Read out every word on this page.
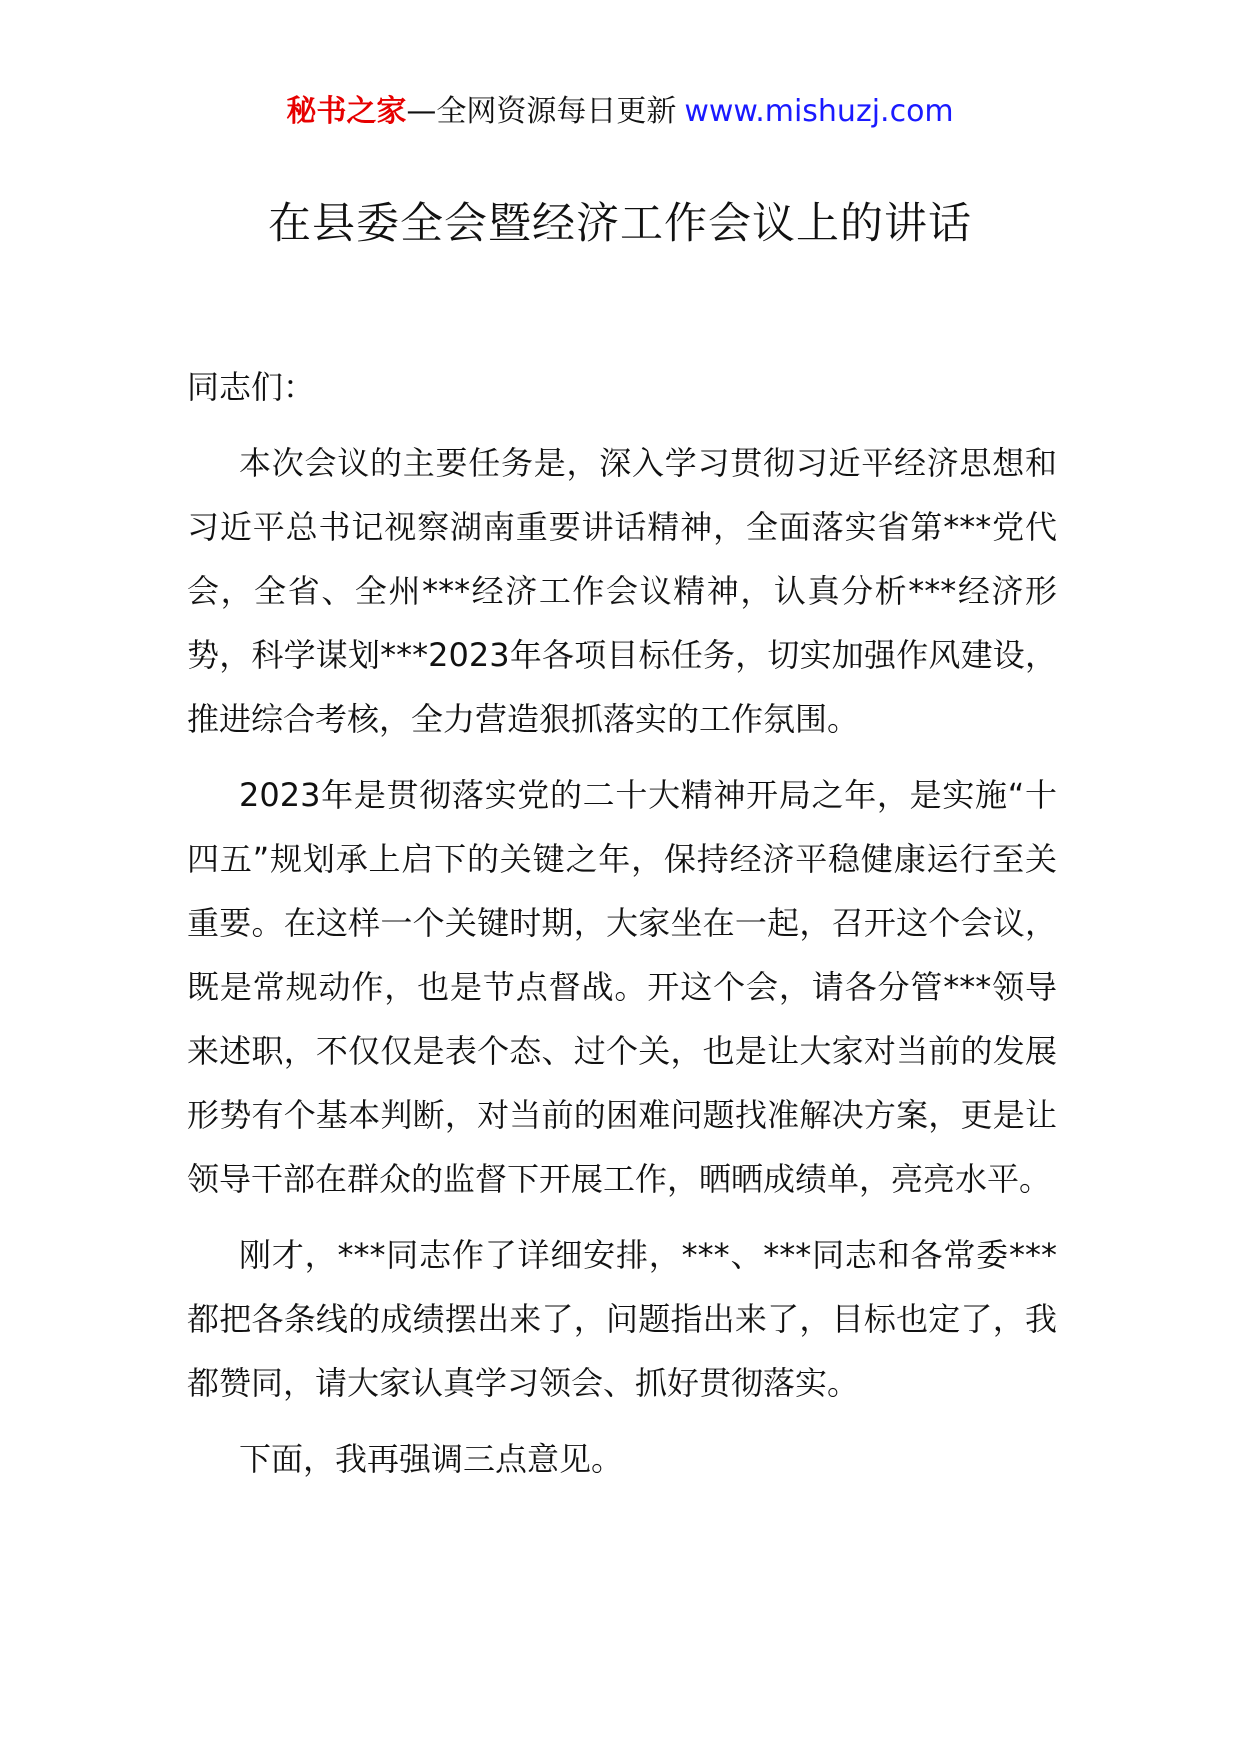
秘书之家—全网资源每日更新 www.mishuzj.com
在县委全会暨经济工作会议上的讲话

同志们：

本次会议的主要任务是，深入学习贯彻习近平经济思想和习近平总书记视察湖南重要讲话精神，全面落实省第***党代会，全省、全州***经济工作会议精神，认真分析***经济形势，科学谋划***2023年各项目标任务，切实加强作风建设，推进综合考核，全力营造狠抓落实的工作氛围。

2023年是贯彻落实党的二十大精神开局之年，是实施“十四五”规划承上启下的关键之年，保持经济平稳健康运行至关重要。在这样一个关键时期，大家坐在一起，召开这个会议，既是常规动作，也是节点督战。开这个会，请各分管***领导来述职，不仅仅是表个态、过个关，也是让大家对当前的发展形势有个基本判断，对当前的困难问题找准解决方案，更是让领导干部在群众的监督下开展工作，晒晒成绩单，亮亮水平。

刚才，***同志作了详细安排，***、***同志和各常委***都把各条线的成绩摆出来了，问题指出来了，目标也定了，我都赞同，请大家认真学习领会、抓好贯彻落实。

下面，我再强调三点意见。
